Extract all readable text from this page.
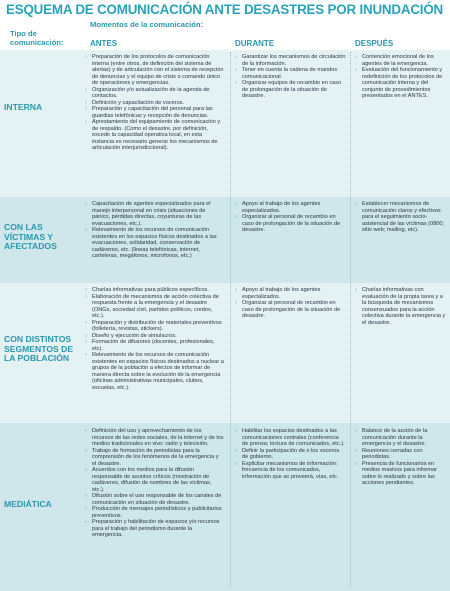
ESQUEMA DE COMUNICACIÓN ANTE DESASTRES POR INUNDACIÓN
Tipo de comunicación:
Momentos de la comunicación:
ANTES	DURANTE	DESPUÉS
INTERNA
CON LAS VÍCTIMAS Y AFECTADOS
CON DISTINTOS SEGMENTOS DE LA POBLACIÓN
MEDIÁTICA
› Preparación de los protocolos de comunicación interna (entre otros, de definición del sistema de alertas) y de articulación con el sistema de recepción de denuncias y el equipo de crisis o comando único de operaciones y emergencias.
› Organización y/o actualización de la agenda de contactos.
› Definición y capacitación de voceros.
› Preparación y capacitación del personal para las guardias telefónicas y recepción de denuncias.
› Aprestamiento del equipamiento de comunicación y de respaldo. (Como el desastre, por definición, excede la capacidad operativa local, en esta instancia es necesario generar los mecanismos de articulación interjurisdiccional).
› Garantizar los mecanismos de circulación de la información.
› Tener en cuenta la cadena de mandos comunicacional.
› Organizar equipos de recambio en caso de prolongación de la situación de desastre.
› Contención emocional de los agentes de la emergencia.
› Evaluación del funcionamiento y redefinición de los protocolos de comunicación interna y del conjunto de procedimientos presentados en el ANTES.
› Capacitación de agentes especializados para el manejo interpersonal en crisis (situaciones de pánico, pérdidas directas, coyunturas de las evacuaciones, etc.).
› Relevamiento de los recursos de comunicación existentes en los espacios físicos destinados a las evacuaciones, solidaridad, conservación de cadáveres, etc. (líneas telefónicas, internet, carteleras, megáfonos, microfonos, etc.)
› Apoyo al trabajo de los agentes especializados.
› Organizar al personal de recambio en caso de prolongación de la situación de desastre.
› Establecer mecanismos de comunicación claros y efectivos para el seguimiento socio-asistencial de las víctimas (0800; sitio web; mailing, etc).
› Charlas informativas para públicos específicos.
› Elaboración de mecanismos de acción colectiva de respuesta frente a la emergencia y el desastre (ONGs, sociedad civil, partidos políticos, credos, etc.).
› Preparación y distribución de materiales preventivos (folletería, revistas, stickers).
› Diseño y ejecución de simulacros.
› Formación de difusores (docentes, profesionales, etc).
› Relevamiento de los recursos de comunicación existentes en espacios físicos destinados a nuclear a grupos de la población a efectos de informar de manera directa sobre la evolución de la emergencia (oficinas administrativas municipales, clubes, escuelas, etc.).
› Apoyo al trabajo de los agentes especializados.
› Organizar al personal de recambio en caso de prolongación de la situación de desastre.
› Charlas informativas con evaluación de la propia tarea y a la búsqueda de mecanismos consensuados para la acción colectiva durante la emergencia y el desastre.
› Definición del uso y aprovechamiento de los recursos de las redes sociales, de la internet y de los medios tradicionales en vivo: radio y televisión.
› Trabajo de formación de periodistas para la comprensión de los fenómenos de la emergencia y el desastre.
› Acuerdos con los medios para la difusión responsable de asuntos críticos (mostración de cadáveres, difusión de nombres de las víctimas, etc.).
› Difusión sobre el uso responsable de los canales de comunicación en situación de desastre.
› Producción de mensajes periodísticos y publicitarios preventivos.
› Preparación y habilitación de espacios y/o recursos para el trabajo del periodismo durante la emergencia.
› Habilitar los espacios destinados a las comunicaciones centrales (conferencia de prensa; lectura de comunicados, etc.).
› Definir la participación de o los voceros de gobierno.
› Explicitar mecanismos de información: frecuencia de los comunicados, información que se proveerá, vías, etc.
› Balance de la acción de la comunicación durante la emergencia y el desastre.
› Reuniones cerradas con periodistas.
› Presencia de funcionarios en medios masivos para informar sobre lo realizado y sobre las acciones pendientes.
